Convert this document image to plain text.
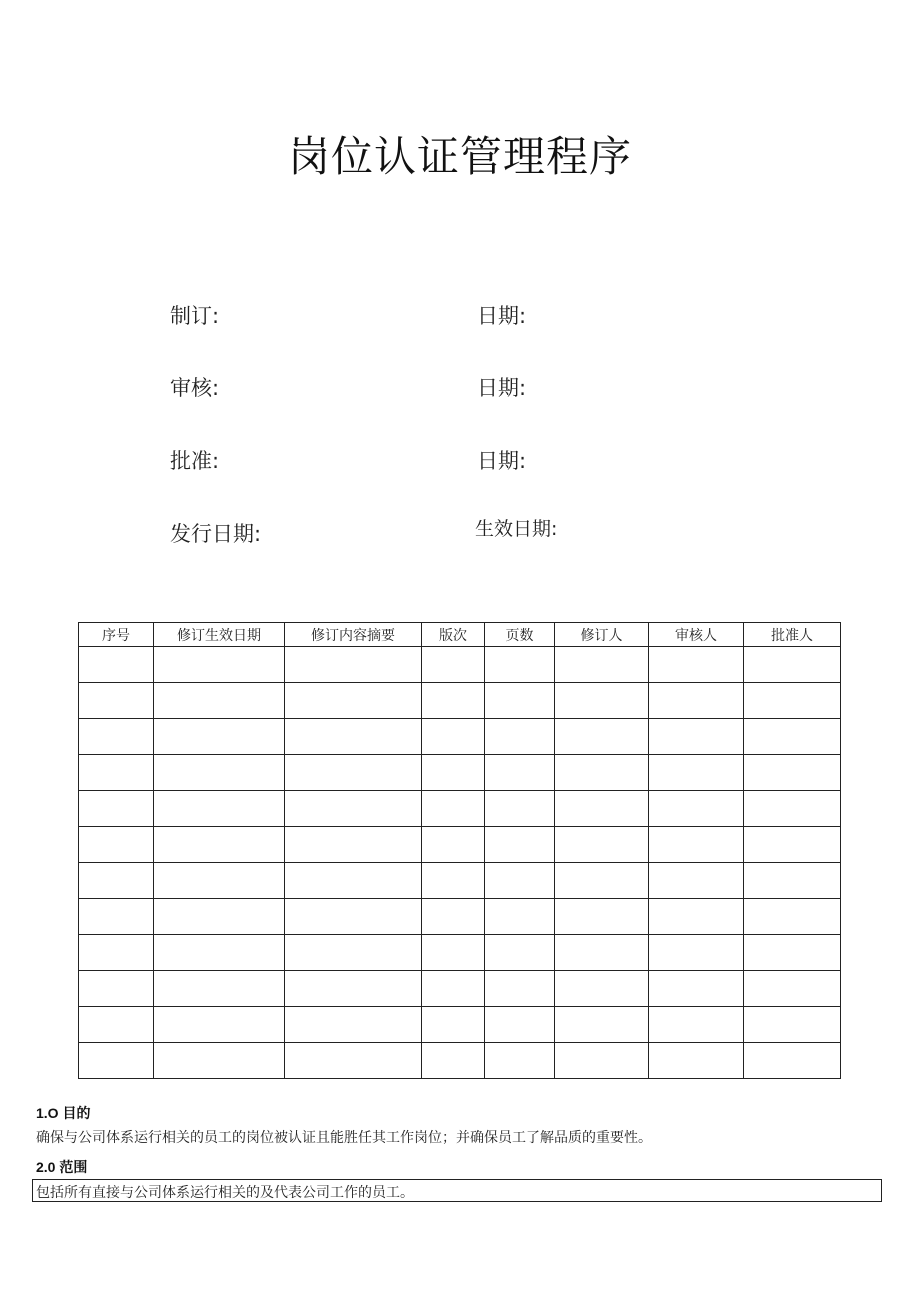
岗位认证管理程序
制订:	日期:
审核:	日期:
批准:	日期:
发行日期:	生效日期:
序号	修订生效日期	修订内容摘要	版次	页数	修订人	审核人	批准人

1.O 目的
确保与公司体系运行相关的员工的岗位被认证且能胜任其工作岗位；并确保员工了解品质的重要性。
2.0 范围
包括所有直接与公司体系运行相关的及代表公司工作的员工。
